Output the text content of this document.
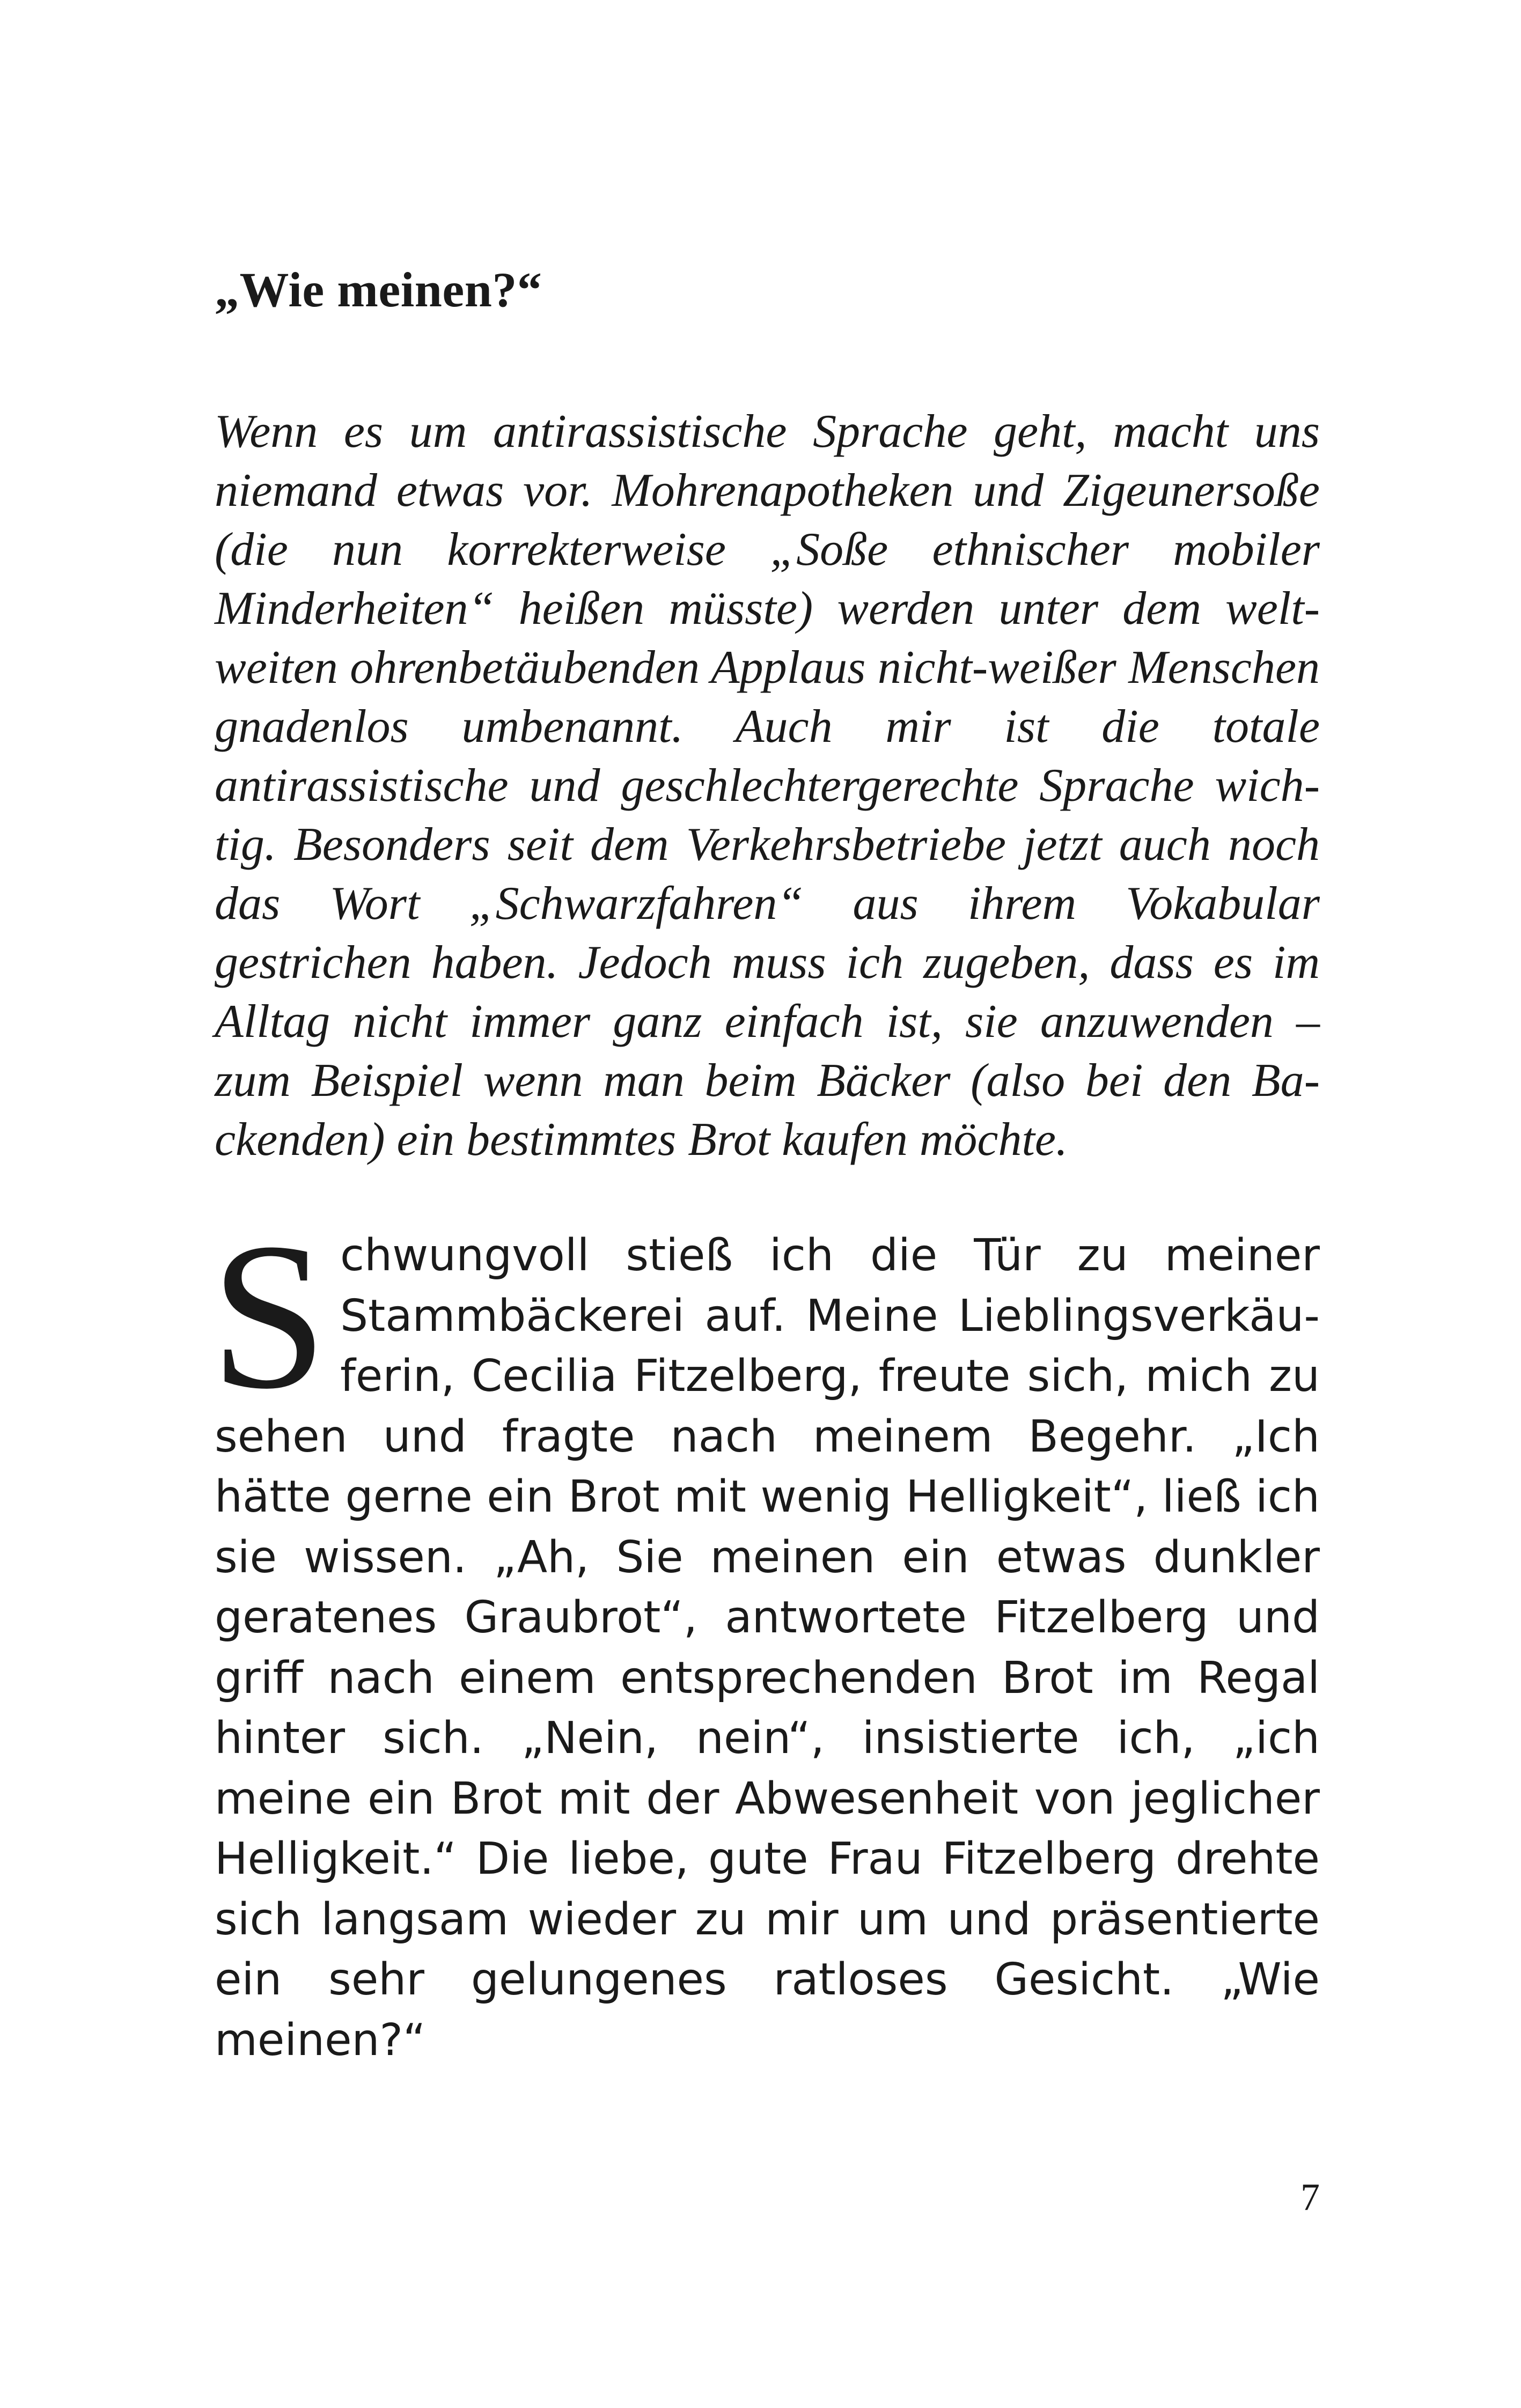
„Wie meinen?“

Wenn es um antirassistische Sprache geht, macht uns niemand etwas vor. Mohrenapotheken und Zigeunersoße (die nun korrekterweise „Soße ethnischer mobiler Minderheiten“ heißen müsste) werden unter dem weltweiten ohrenbetäubenden Applaus nicht-weißer Menschen gnadenlos umbenannt. Auch mir ist die totale antirassistische und geschlechtergerechte Sprache wichtig. Besonders seit dem Verkehrsbetriebe jetzt auch noch das Wort „Schwarzfahren“ aus ihrem Vokabular gestrichen haben. Jedoch muss ich zugeben, dass es im Alltag nicht immer ganz einfach ist, sie anzuwenden – zum Beispiel wenn man beim Bäcker (also bei den Backenden) ein bestimmtes Brot kaufen möchte.

Schwungvoll stieß ich die Tür zu meiner Stammbäckerei auf. Meine Lieblingsverkäuferin, Cecilia Fitzelberg, freute sich, mich zu sehen und fragte nach meinem Begehr. „Ich hätte gerne ein Brot mit wenig Helligkeit“, ließ ich sie wissen. „Ah, Sie meinen ein etwas dunkler geratenes Graubrot“, antwortete Fitzelberg und griff nach einem entsprechenden Brot im Regal hinter sich. „Nein, nein“, insistierte ich, „ich meine ein Brot mit der Abwesenheit von jeglicher Helligkeit.“ Die liebe, gute Frau Fitzelberg drehte sich langsam wieder zu mir um und präsentierte ein sehr gelungenes ratloses Gesicht. „Wie meinen?“

7
